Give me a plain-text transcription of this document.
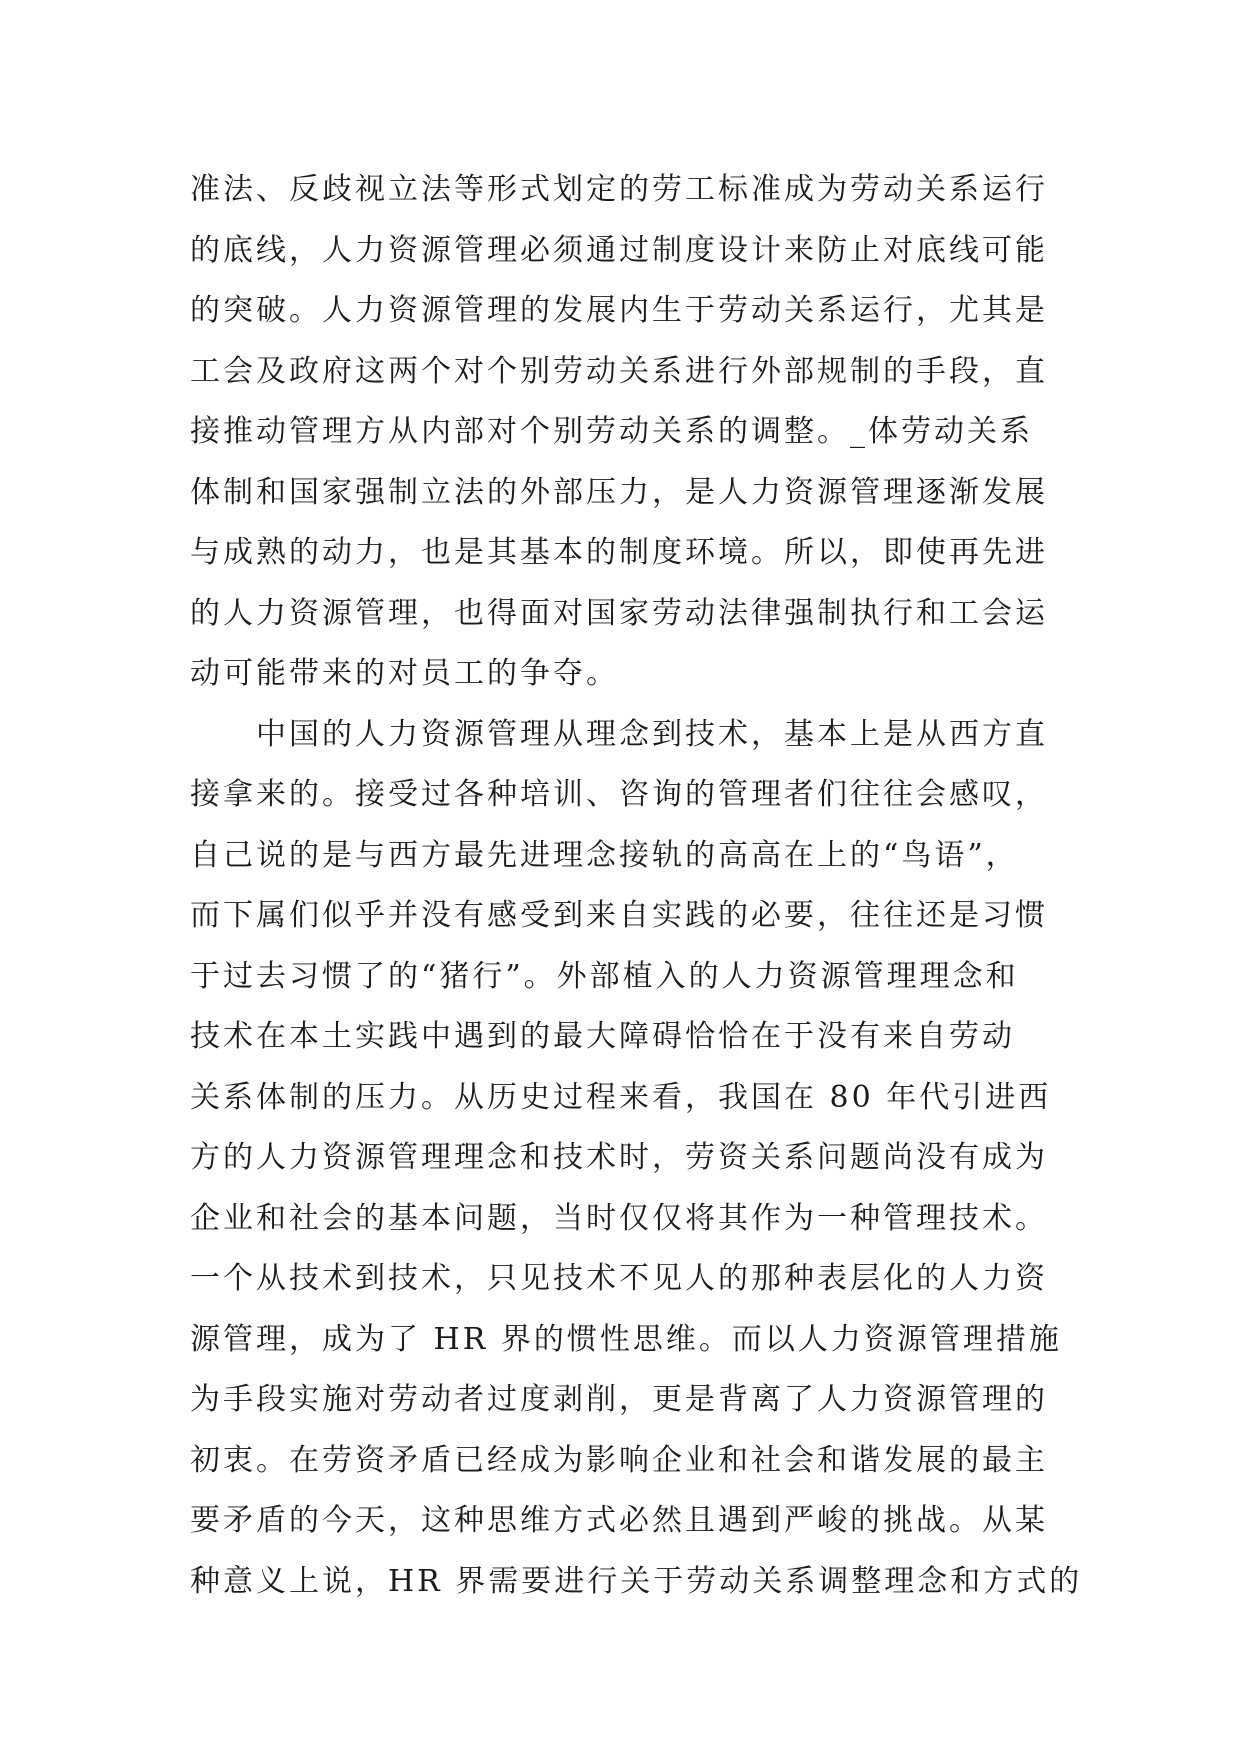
准法、反歧视立法等形式划定的劳工标准成为劳动关系运行
的底线，人力资源管理必须通过制度设计来防止对底线可能
的突破。人力资源管理的发展内生于劳动关系运行，尤其是
工会及政府这两个对个别劳动关系进行外部规制的手段，直
接推动管理方从内部对个别劳动关系的调整。_体劳动关系
体制和国家强制立法的外部压力，是人力资源管理逐渐发展
与成熟的动力，也是其基本的制度环境。所以，即使再先进
的人力资源管理，也得面对国家劳动法律强制执行和工会运
动可能带来的对员工的争夺。
中国的人力资源管理从理念到技术，基本上是从西方直
接拿来的。接受过各种培训、咨询的管理者们往往会感叹，
自己说的是与西方最先进理念接轨的高高在上的“鸟语”，
而下属们似乎并没有感受到来自实践的必要，往往还是习惯
于过去习惯了的“猪行”。外部植入的人力资源管理理念和
技术在本土实践中遇到的最大障碍恰恰在于没有来自劳动
关系体制的压力。从历史过程来看，我国在 80 年代引进西
方的人力资源管理理念和技术时，劳资关系问题尚没有成为
企业和社会的基本问题，当时仅仅将其作为一种管理技术。
一个从技术到技术，只见技术不见人的那种表层化的人力资
源管理，成为了 HR 界的惯性思维。而以人力资源管理措施
为手段实施对劳动者过度剥削，更是背离了人力资源管理的
初衷。在劳资矛盾已经成为影响企业和社会和谐发展的最主
要矛盾的今天，这种思维方式必然且遇到严峻的挑战。从某
种意义上说，HR 界需要进行关于劳动关系调整理念和方式的
